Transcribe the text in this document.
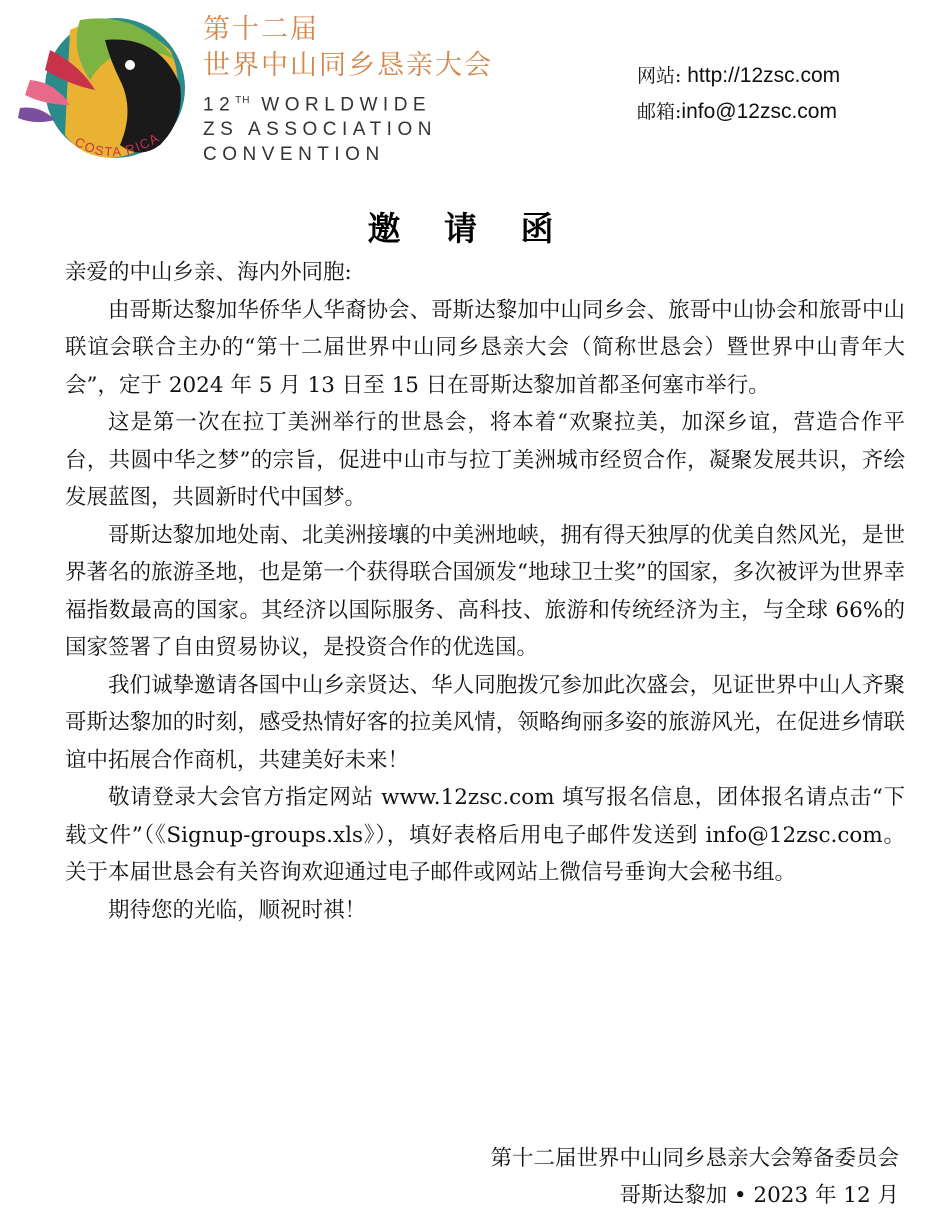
COSTA RICA
第十二届
世界中山同乡恳亲大会
12TH WORLDWIDE
ZS ASSOCIATION
CONVENTION
网站: http://12zsc.com
邮箱:info@12zsc.com
邀 请 函

亲爱的中山乡亲、海内外同胞:

由哥斯达黎加华侨华人华裔协会、哥斯达黎加中山同乡会、旅哥中山协会和旅哥中山联谊会联合主办的“第十二届世界中山同乡恳亲大会（简称世恳会）暨世界中山青年大会”，定于 2024 年 5 月 13 日至 15 日在哥斯达黎加首都圣何塞市举行。

这是第一次在拉丁美洲举行的世恳会，将本着“欢聚拉美，加深乡谊，营造合作平台，共圆中华之梦”的宗旨，促进中山市与拉丁美洲城市经贸合作，凝聚发展共识，齐绘发展蓝图，共圆新时代中国梦。

哥斯达黎加地处南、北美洲接壤的中美洲地峡，拥有得天独厚的优美自然风光，是世界著名的旅游圣地，也是第一个获得联合国颁发“地球卫士奖”的国家，多次被评为世界幸福指数最高的国家。其经济以国际服务、高科技、旅游和传统经济为主，与全球 66%的国家签署了自由贸易协议，是投资合作的优选国。

我们诚挚邀请各国中山乡亲贤达、华人同胞拨冗参加此次盛会，见证世界中山人齐聚哥斯达黎加的时刻，感受热情好客的拉美风情，领略绚丽多姿的旅游风光，在促进乡情联谊中拓展合作商机，共建美好未来！

敬请登录大会官方指定网站 www.12zsc.com 填写报名信息，团体报名请点击“下载文件”（《Signup-groups.xls》），填好表格后用电子邮件发送到 info@12zsc.com。关于本届世恳会有关咨询欢迎通过电子邮件或网站上微信号垂询大会秘书组。

期待您的光临，顺祝时祺！

第十二届世界中山同乡恳亲大会筹备委员会
哥斯达黎加 • 2023 年 12 月
